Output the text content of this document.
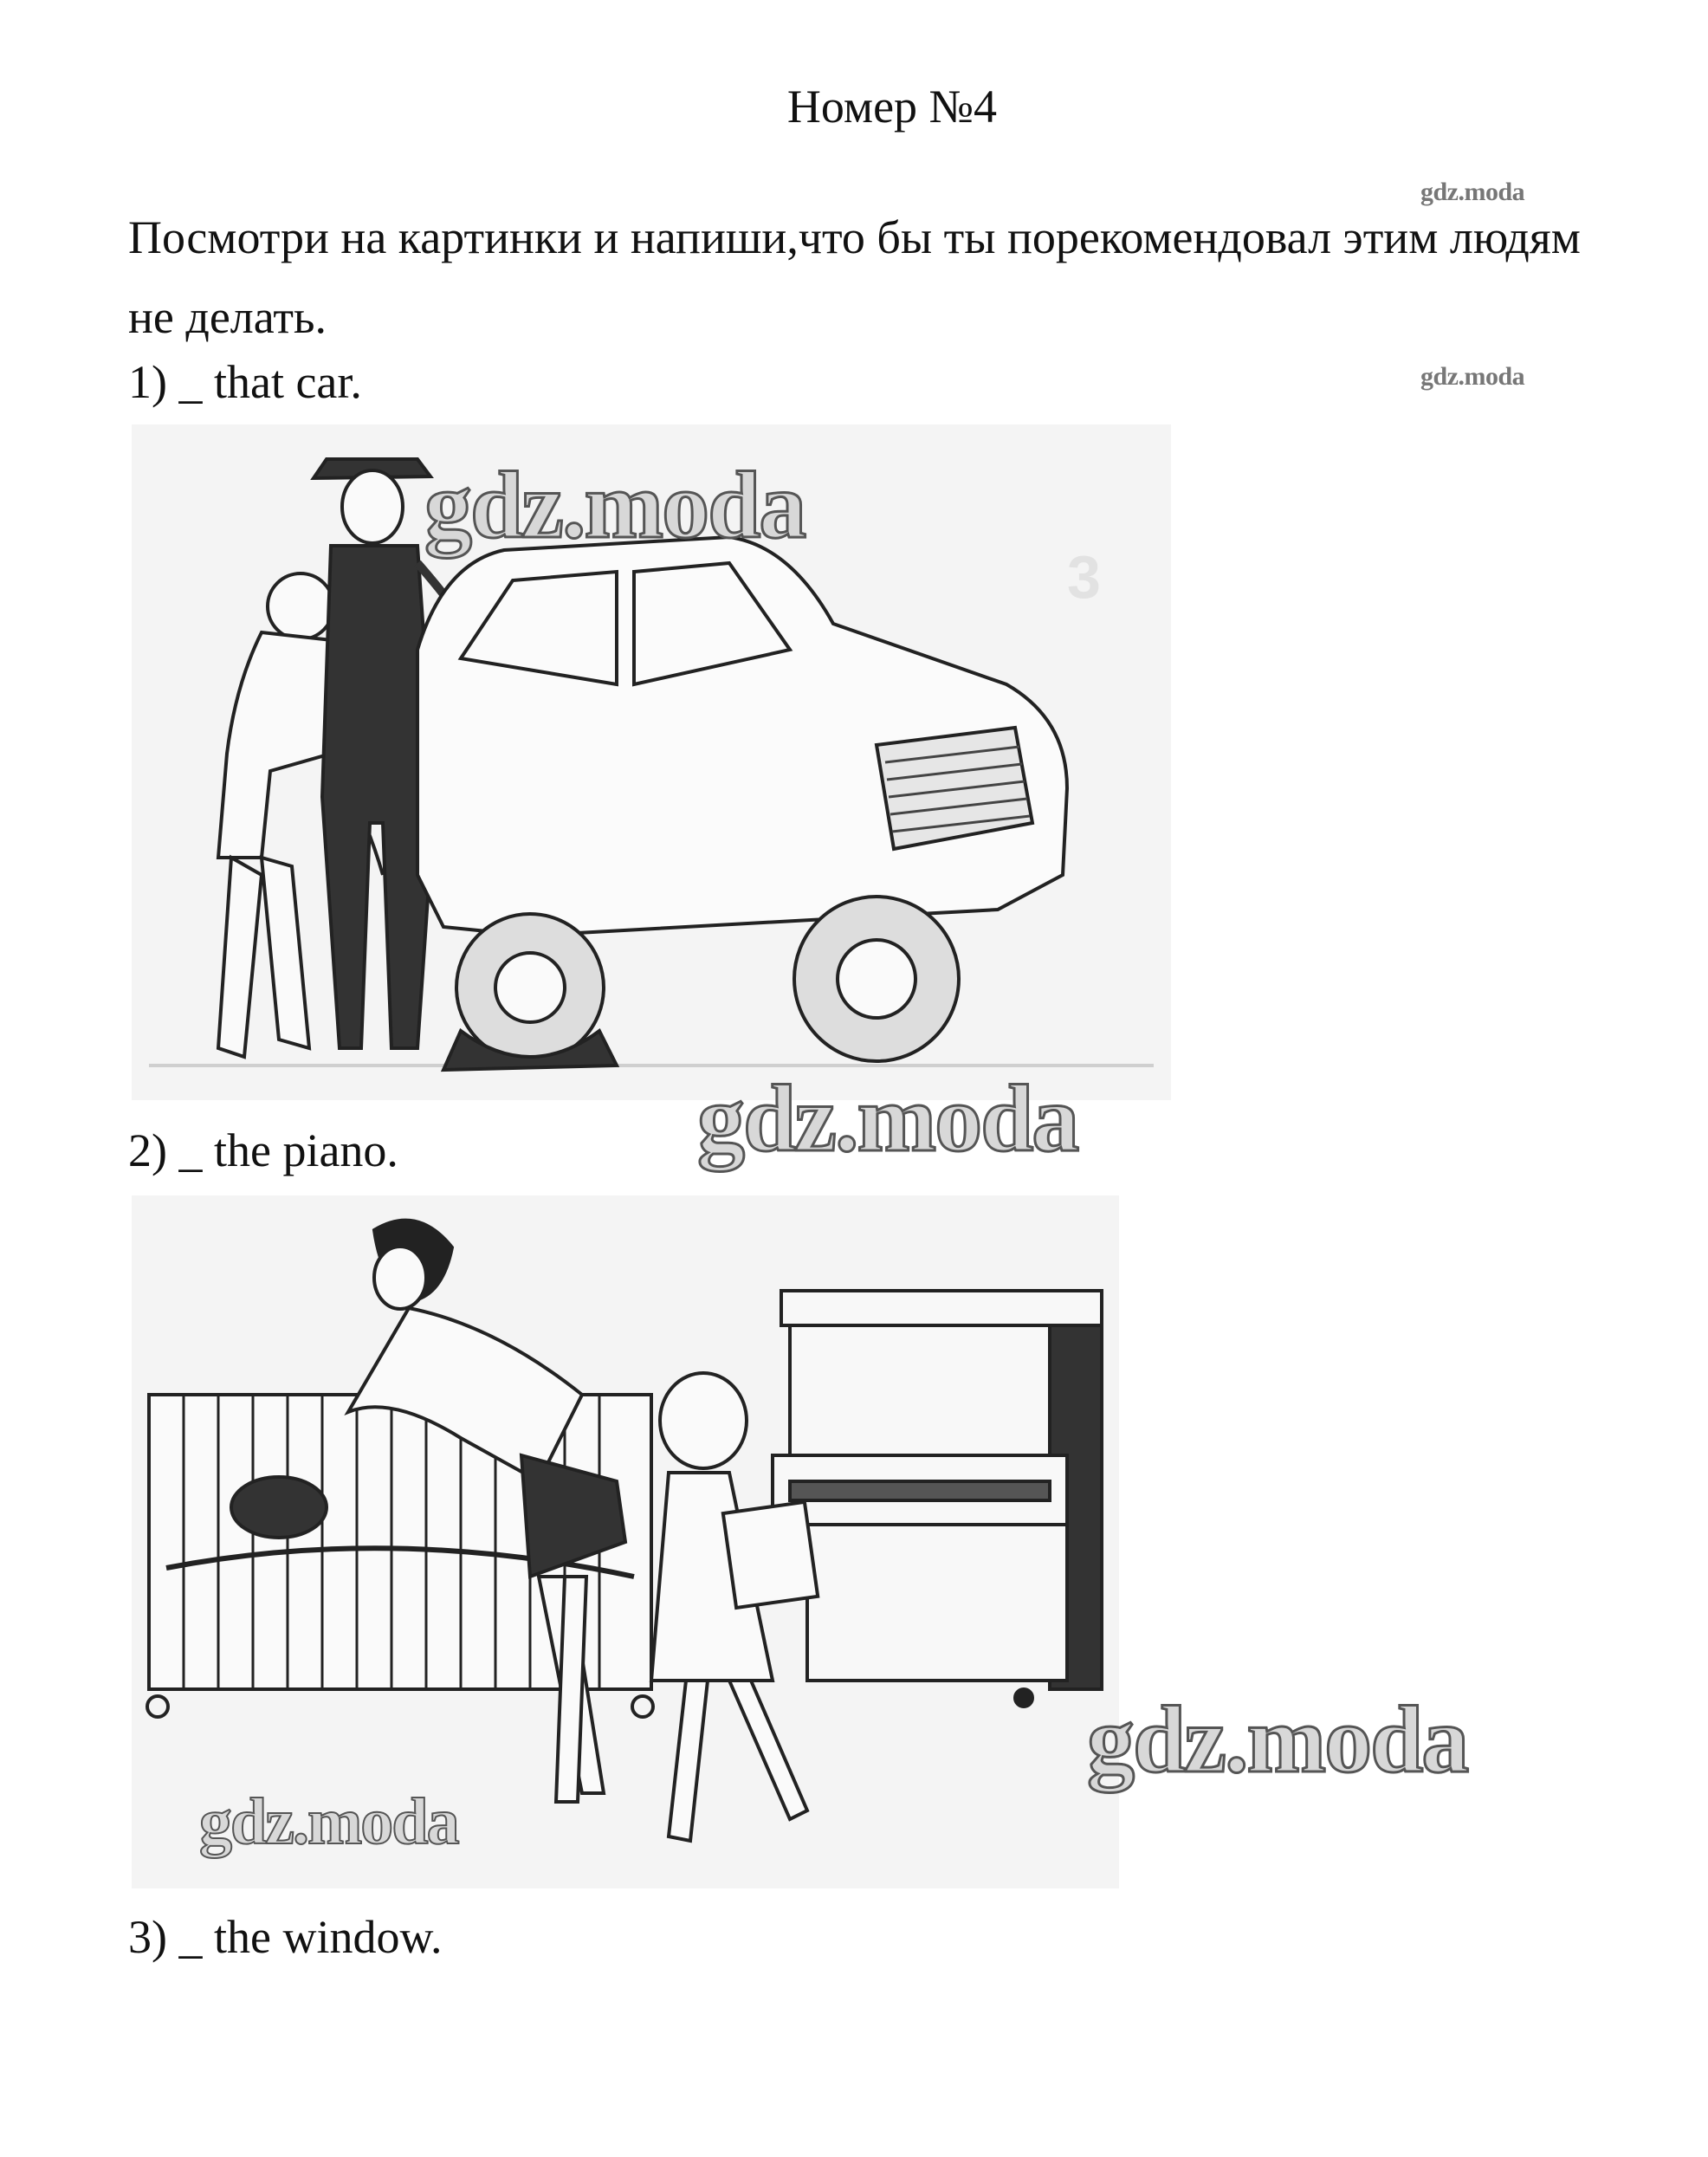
Номер №4
gdz.moda
Посмотри на картинки и напиши,что бы ты порекомендовал этим людям не делать.
1) _ that car.	gdz.moda
3
gdz.moda
gdz.moda
2) _ the piano.
gdz.moda
gdz.moda
3) _ the window.
